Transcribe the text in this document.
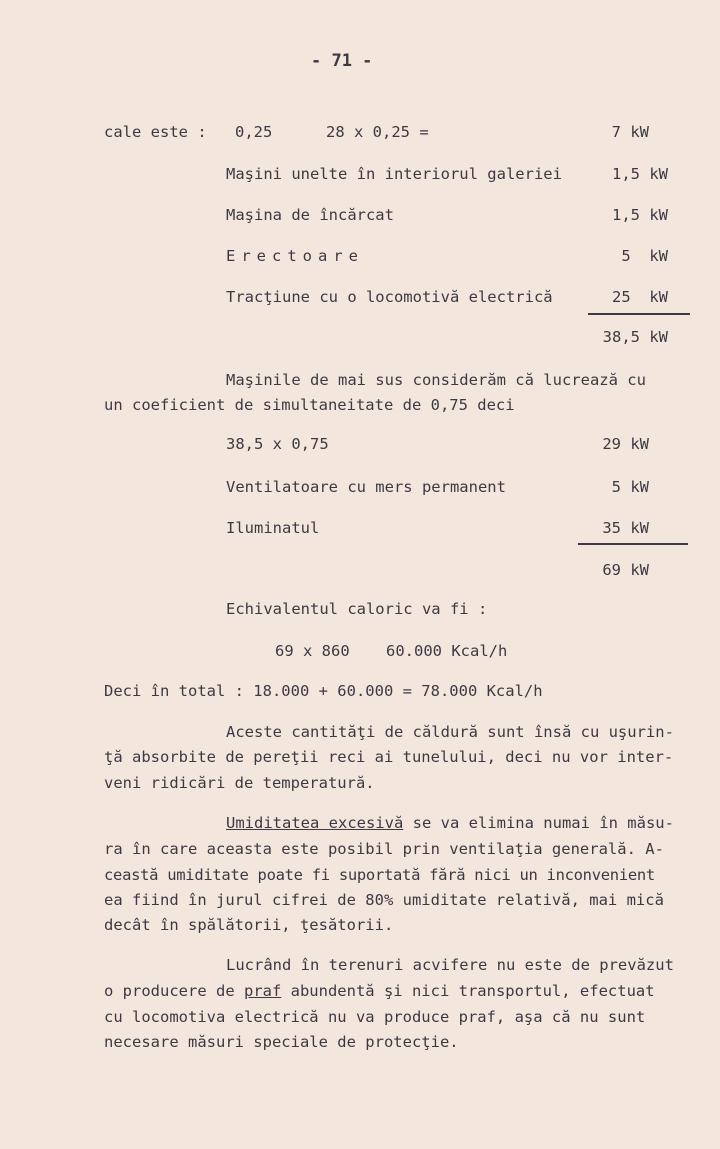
- 71 -
cale este : 0,25	28 x 0,25 =	7 kW
Maşini unelte în interiorul galeriei	1,5 kW
Maşina de încărcat	1,5 kW
Erectoare	5  kW
Tracţiune cu o locomotivă electrică	25  kW
38,5 kW
Maşinile de mai sus considerăm că lucrează cu
un coeficient de simultaneitate de 0,75 deci
38,5 x 0,75	29 kW
Ventilatoare cu mers permanent	5 kW
Iluminatul	35 kW
69 kW
Echivalentul caloric va fi :
69 x 860 60.000 Kcal/h
Deci în total : 18.000 + 60.000 = 78.000 Kcal/h
Aceste cantităţi de căldură sunt însă cu uşurin-
ţă absorbite de pereţii reci ai tunelului, deci nu vor inter-
veni ridicări de temperatură.
Umiditatea excesivă se va elimina numai în măsu-
ra în care aceasta este posibil prin ventilaţia generală. A-
ceastă umiditate poate fi suportată fără nici un inconvenient
ea fiind în jurul cifrei de 80% umiditate relativă, mai mică
decât în spălătorii, ţesătorii.
Lucrând în terenuri acvifere nu este de prevăzut
o producere de praf abundentă şi nici transportul, efectuat
cu locomotiva electrică nu va produce praf, aşa că nu sunt
necesare măsuri speciale de protecţie.
